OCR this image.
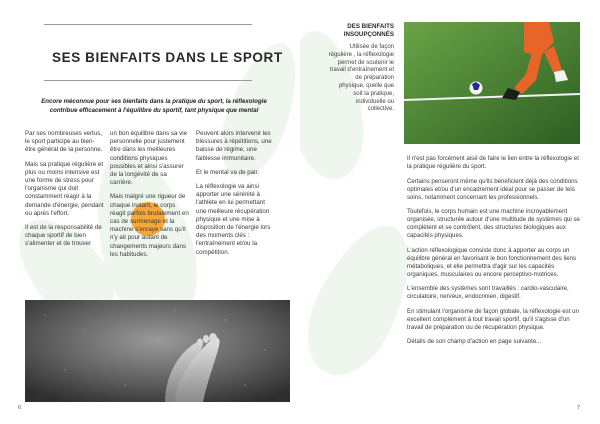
SES BIENFAITS DANS LE SPORT
Encore méconnue pour ses bienfaits dans la pratique du sport, la réflexologie contribue efficacement à l'équilibre du sportif, tant physique que mental

Par ses nombreuses vertus, le sport participe au bien-être général de la personne.

Mais sa pratique régulière et plus ou moins intensive est une forme de stress pour l'organisme qui doit constamment réagir à la demande d'énergie, pendant ou après l'effort.

Il est de la responsabilité de chaque sportif de bien s'alimenter et de trouver

un bon équilibre dans sa vie personnelle pour justement être dans les meilleures conditions physiques possibles et ainsi s'assurer de la longévité de sa carrière.

Mais malgré une rigueur de chaque instant, le corps réagit parfois brutalement en cas de surmenage et la machine s'enraye sans qu'il n'y ait pour autant de changements majeurs dans les habitudes.

Peuvent alors intervenir les blessures à répétitions, une baisse de régime, une faiblesse immunitaire.

Et le mental va de pair.

La réflexologie va ainsi apporter une sérénité à l'athlète en lui permettant une meilleure récupération physique et une mise à disposition de l'énergie lors des moments clés : l'entraînement et/ou la compétition.

6
DES BIENFAITS INSOUPÇONNÉS
Utilisée de façon régulière , la réflexologie permet de soutenir le travail d'entraînement et de préparation physique, quelle que soit la pratique, individuelle ou collective.

Il n'est pas forcément aisé de faire le lien entre la réflexologie et la pratique régulière du sport.

Certains penseront même qu'ils bénéficient déjà des conditions optimales et/ou d'un encadrement idéal pour se passer de tels soins, notamment concernant les professionnels.

Toutefois, le corps humain est une machine incroyablement organisée, structurée autour d'une multitude de systèmes qui se complètent et se contrôlent, des structures biologiques aux capacités physiques.

L'action réflexologique consiste donc à apporter au corps un équilibre général en favorisant le bon fonctionnement des liens métaboliques, et elle permettra d'agir sur les capacités organiques, musculaires ou encore perceptivo-motrices.

L'ensemble des systèmes sont travaillés : cardio-vasculaire, circulatoire, nerveux, endocrinien, digestif.

En stimulant l'organisme de façon globale, la réflexologie est un excellent complément à tout travail sportif, qu'il s'agisse d'un travail de préparation ou de récupération physique.

Détails de son champ d'action en page suivante...

7
